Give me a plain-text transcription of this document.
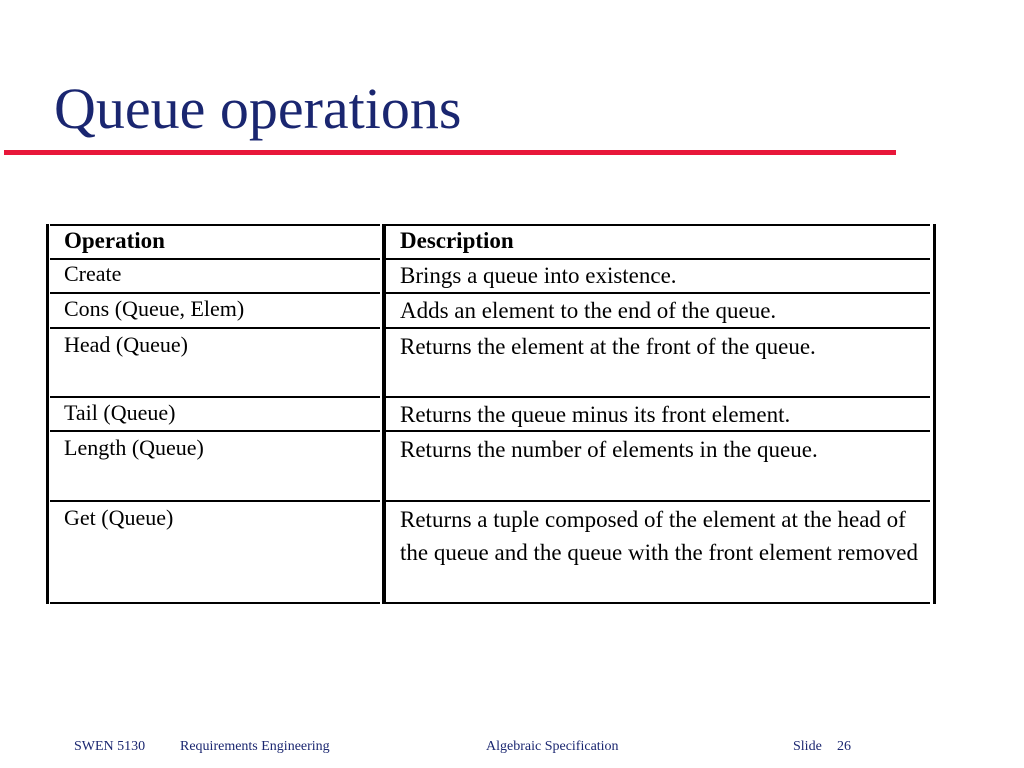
Queue operations
Operation	Description
Create	Brings a queue into existence.
Cons (Queue, Elem)	Adds an element to the end of the queue.
Head (Queue)	Returns the element at the front of the queue.
Tail (Queue)	Returns the queue minus its front element.
Length (Queue)	Returns the number of elements in the queue.
Get (Queue)	Returns a tuple composed of the element at the head of the queue and the queue with the front element removed
SWEN 5130 Requirements Engineering	Algebraic Specification	Slide 26
